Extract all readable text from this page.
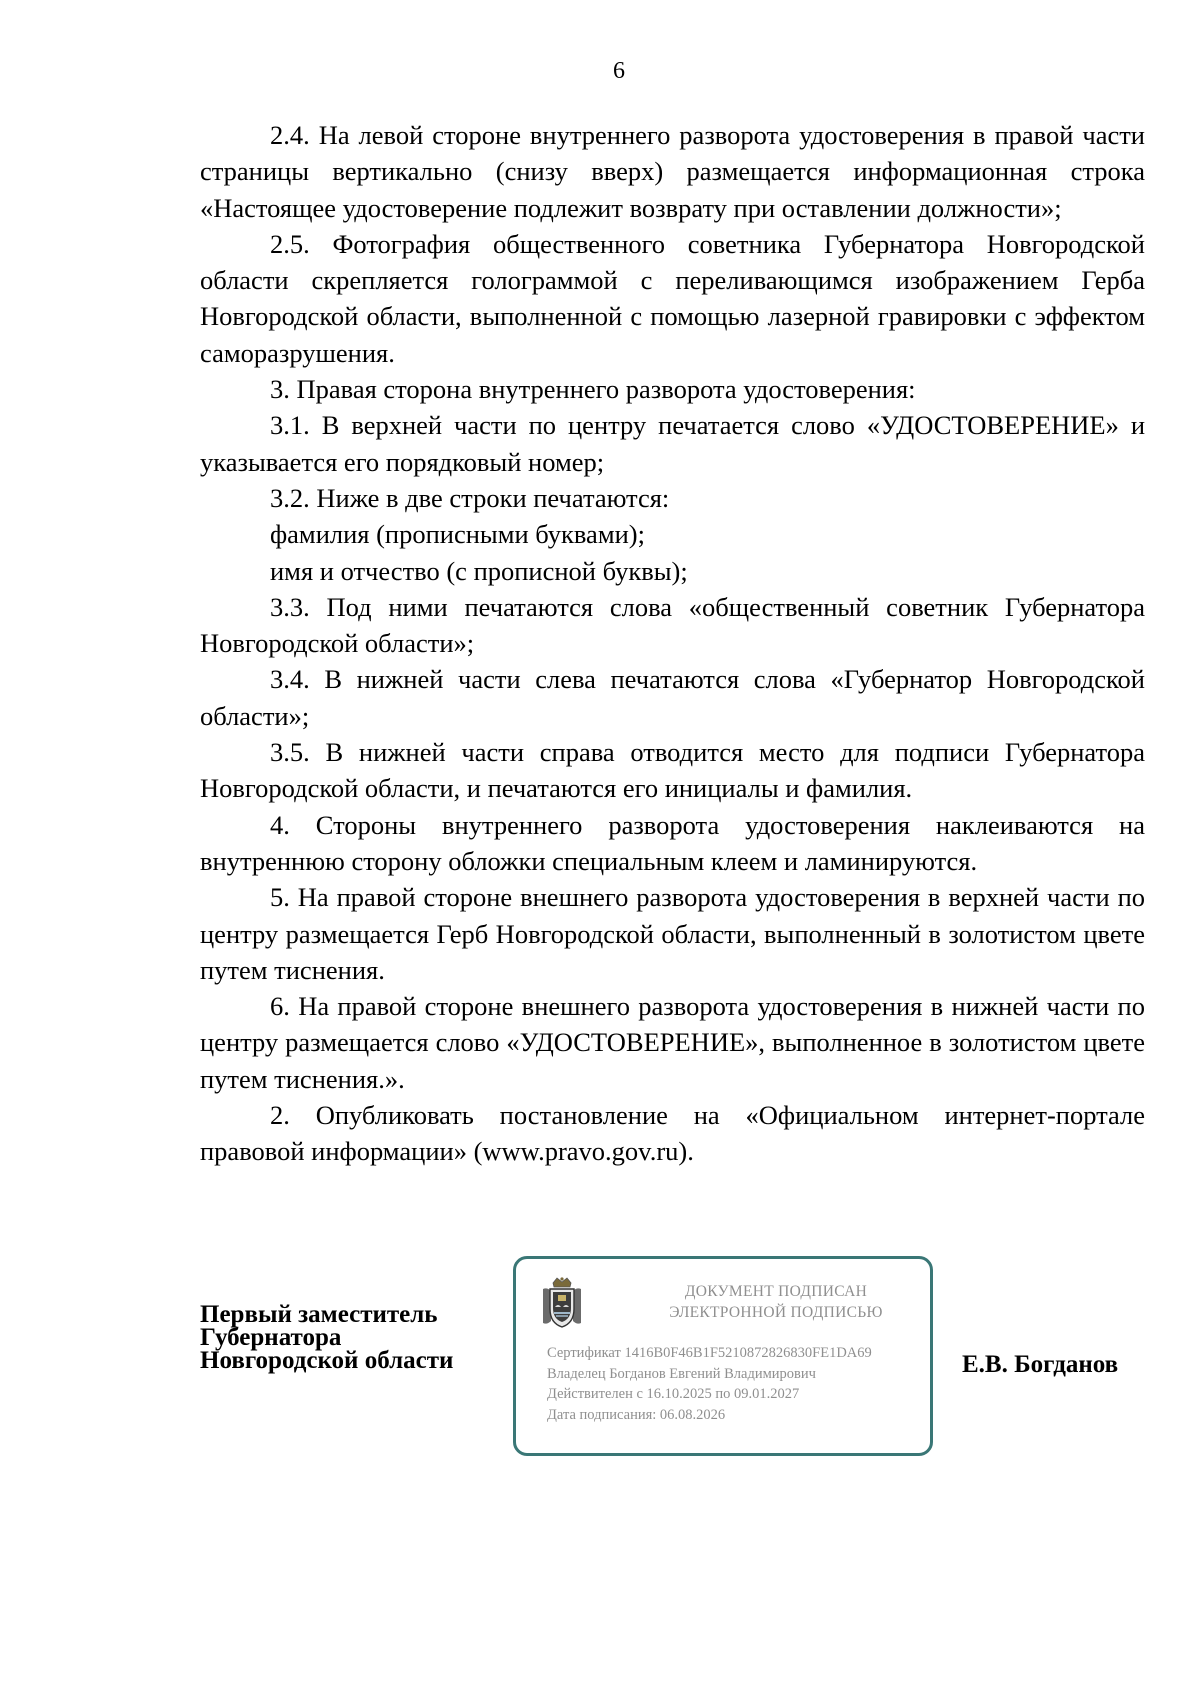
6

2.4. На левой стороне внутреннего разворота удостоверения в правой части страницы вертикально (снизу вверх) размещается информационная строка «Настоящее удостоверение подлежит возврату при оставлении должности»;

2.5. Фотография общественного советника Губернатора Новгородской области скрепляется голограммой с переливающимся изображением Герба Новгородской области, выполненной с помощью лазерной гравировки с эффектом саморазрушения.

3. Правая сторона внутреннего разворота удостоверения:

3.1. В верхней части по центру печатается слово «УДОСТОВЕРЕНИЕ» и указывается его порядковый номер;

3.2. Ниже в две строки печатаются:

фамилия (прописными буквами);

имя и отчество (с прописной буквы);

3.3. Под ними печатаются слова «общественный советник Губернатора Новгородской области»;

3.4. В нижней части слева печатаются слова «Губернатор Новгородской области»;

3.5. В нижней части справа отводится место для подписи Губернатора Новгородской области, и печатаются его инициалы и фамилия.

4. Стороны внутреннего разворота удостоверения наклеиваются на внутреннюю сторону обложки специальным клеем и ламинируются.

5. На правой стороне внешнего разворота удостоверения в верхней части по центру размещается Герб Новгородской области, выполненный в золотистом цвете путем тиснения.

6. На правой стороне внешнего разворота удостоверения в нижней части по центру размещается слово «УДОСТОВЕРЕНИЕ», выполненное в золотистом цвете путем тиснения.».

2. Опубликовать постановление на «Официальном интернет-портале правовой информации» (www.pravo.gov.ru).

Первый заместитель
Губернатора
Новгородской области
ДОКУМЕНТ ПОДПИСАН
ЭЛЕКТРОННОЙ ПОДПИСЬЮ
Сертификат 1416B0F46B1F5210872826830FE1DA69
Владелец Богданов Евгений Владимирович
Действителен с 16.10.2025 по 09.01.2027
Дата подписания: 06.08.2026
Е.В. Богданов
